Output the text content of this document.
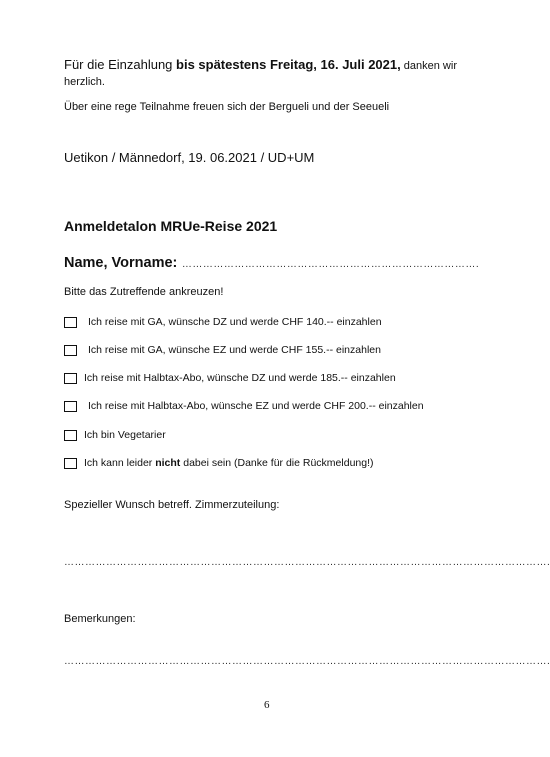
Für die Einzahlung bis spätestens Freitag, 16. Juli 2021, danken wir
herzlich.
Über eine rege Teilnahme freuen sich der Bergueli und der Seeueli
Uetikon / Männedorf, 19. 06.2021 / UD+UM
Anmeldetalon MRUe-Reise 2021
Name, Vorname: ………………………………………………………………………….
Bitte das Zutreffende ankreuzen!
Ich reise mit GA, wünsche DZ und werde CHF 140.-- einzahlen
Ich reise mit GA, wünsche EZ und werde CHF 155.-- einzahlen
Ich reise mit Halbtax-Abo, wünsche DZ und werde 185.-- einzahlen
Ich reise mit Halbtax-Abo, wünsche EZ und werde CHF 200.-- einzahlen
Ich bin Vegetarier
Ich kann leider nicht dabei sein (Danke für die Rückmeldung!)
Spezieller Wunsch betreff. Zimmerzuteilung:
………………………………………………………………………………………………………………………….
Bemerkungen:
………………………………………………………………………………………………………………………….
6
